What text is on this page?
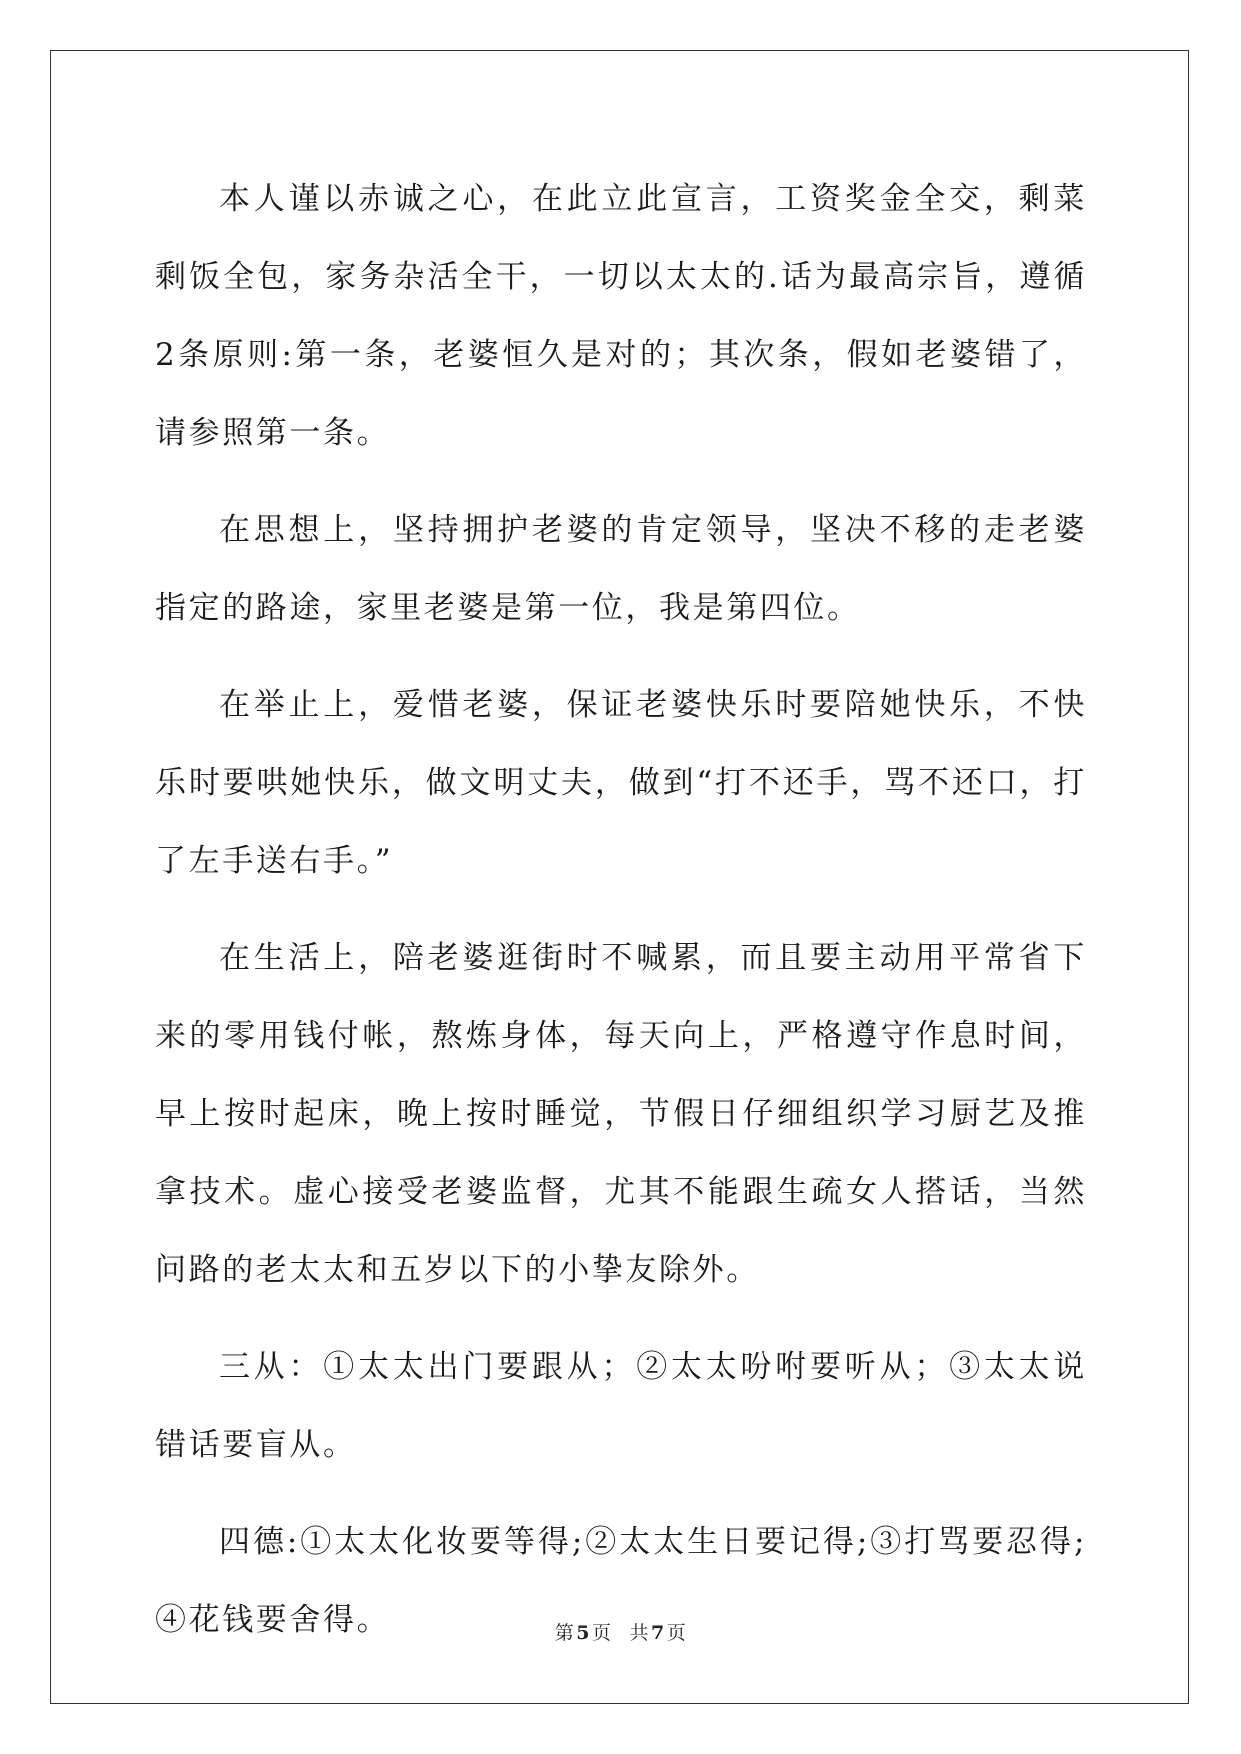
本人谨以赤诚之心，在此立此宣言，工资奖金全交，剩菜剩饭全包，家务杂活全干，一切以太太的.话为最高宗旨，遵循2条原则:第一条，老婆恒久是对的；其次条，假如老婆错了，请参照第一条。

在思想上，坚持拥护老婆的肯定领导，坚决不移的走老婆指定的路途，家里老婆是第一位，我是第四位。

在举止上，爱惜老婆，保证老婆快乐时要陪她快乐，不快乐时要哄她快乐，做文明丈夫，做到“打不还手，骂不还口，打了左手送右手。”

在生活上，陪老婆逛街时不喊累，而且要主动用平常省下来的零用钱付帐，熬炼身体，每天向上，严格遵守作息时间，早上按时起床，晚上按时睡觉，节假日仔细组织学习厨艺及推拿技术。虚心接受老婆监督，尤其不能跟生疏女人搭话，当然问路的老太太和五岁以下的小挚友除外。

三从：①太太出门要跟从；②太太吩咐要听从；③太太说错话要盲从。

四德:①太太化妆要等得;②太太生日要记得;③打骂要忍得;④花钱要舍得。	第 5 页 共 7 页
